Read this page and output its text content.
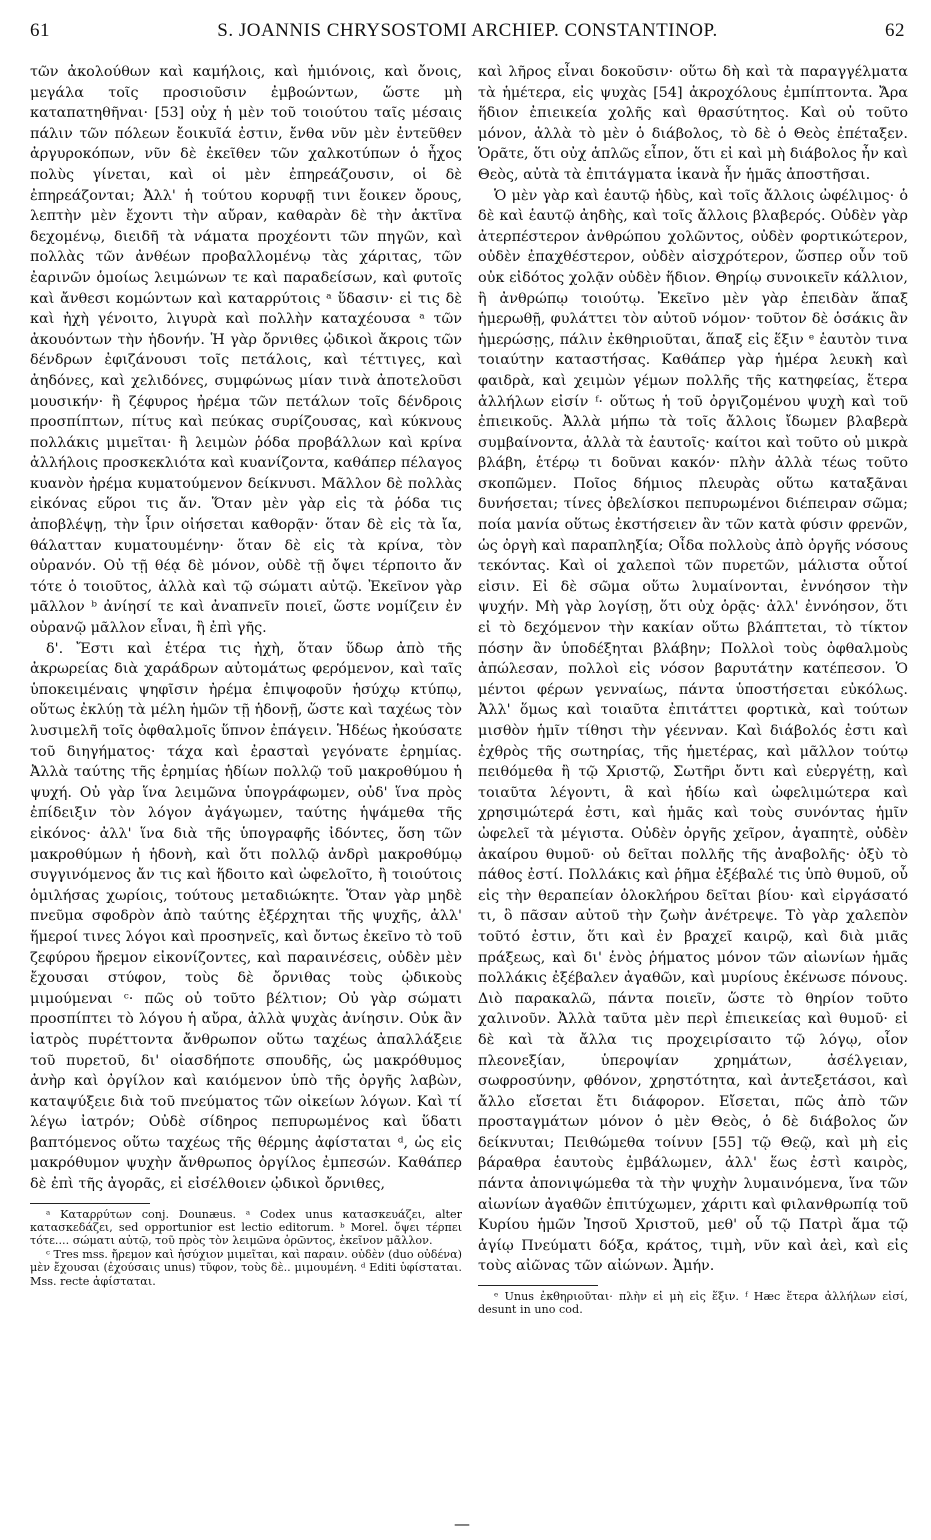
61	S. JOANNIS CHRYSOSTOMI ARCHIEP. CONSTANTINOP.	62

τῶν ἀκολούθων καὶ καμήλοις, καὶ ἡμιόνοις, καὶ ὄνοις, μεγάλα τοῖς προσιοῦσιν ἐμβοώντων, ὥστε μὴ καταπατηθῆναι· [53] οὐχ ἡ μὲν τοῦ τοιούτου ταῖς μέσαις πάλιν τῶν πόλεων ἔοικυῖά ἐστιν, ἔνθα νῦν μὲν ἐντεῦθεν ἀργυροκόπων, νῦν δὲ ἐκεῖθεν τῶν χαλκοτύπων ὁ ἦχος πολὺς γίνεται, καὶ οἱ μὲν ἐπηρεάζουσιν, οἱ δὲ ἐπηρεάζονται; Ἀλλ' ἡ τούτου κορυφῇ τινι ἔοικεν ὄρους, λεπτὴν μὲν ἔχοντι τὴν αὔραν, καθαρὰν δὲ τὴν ἀκτῖνα δεχομένῳ, διειδῆ τὰ νάματα προχέοντι τῶν πηγῶν, καὶ πολλὰς τῶν ἀνθέων προβαλλομένῳ τὰς χάριτας, τῶν ἐαρινῶν ὁμοίως λειμώνων τε καὶ παραδείσων, καὶ φυτοῖς καὶ ἄνθεσι κομώντων καὶ καταρρύτοις ᵃ ὕδασιν· εἰ τις δὲ καὶ ἠχὴ γένοιτο, λιγυρὰ καὶ πολλὴν καταχέουσα ᵃ τῶν ἀκουόντων τὴν ἡδονήν. Ἡ γὰρ ὄρνιθες ᾠδικοὶ ἄκροις τῶν δένδρων ἐφιζάνουσι τοῖς πετάλοις, καὶ τέττιγες, καὶ ἀηδόνες, καὶ χελιδόνες, συμφώνως μίαν τινὰ ἀποτελοῦσι μουσικήν· ἢ ζέφυρος ἠρέμα τῶν πετάλων τοῖς δένδροις προσπίπτων, πίτυς καὶ πεύκας συρίζουσας, καὶ κύκνους πολλάκις μιμεῖται· ἢ λειμὼν ῥόδα προβάλλων καὶ κρίνα ἀλλήλοις προσκεκλιότα καὶ κυανίζοντα, καθάπερ πέλαγος κυανὸν ἠρέμα κυματούμενον δείκνυσι. Μᾶλλον δὲ πολλὰς εἰκόνας εὕροι τις ἄν. Ὅταν μὲν γὰρ εἰς τὰ ῥόδα τις ἀποβλέψῃ, τὴν ἶριν οἰήσεται καθορᾷν· ὅταν δὲ εἰς τὰ ἴα, θάλατταν κυματουμένην· ὅταν δὲ εἰς τὰ κρίνα, τὸν οὐρανόν. Οὐ τῇ θέᾳ δὲ μόνον, οὐδὲ τῇ ὄψει τέρποιτο ἄν τότε ὁ τοιοῦτος, ἀλλὰ καὶ τῷ σώματι αὐτῷ. Ἐκεῖνον γὰρ μᾶλλον ᵇ ἀνίησί τε καὶ ἀναπνεῖν ποιεῖ, ὥστε νομίζειν ἐν οὐρανῷ μᾶλλον εἶναι, ἢ ἐπὶ γῆς.

δ'. Ἔστι καὶ ἑτέρα τις ἠχὴ, ὅταν ὕδωρ ἀπὸ τῆς ἀκρωρείας διὰ χαράδρων αὐτομάτως φερόμενον, καὶ ταῖς ὑποκειμέναις ψηφῖσιν ἠρέμα ἐπιψοφοῦν ἡσύχῳ κτύπῳ, οὕτως ἐκλύῃ τὰ μέλη ἡμῶν τῇ ἡδονῇ, ὥστε καὶ ταχέως τὸν λυσιμελῆ τοῖς ὀφθαλμοῖς ὕπνον ἐπάγειν. Ἡδέως ἠκούσατε τοῦ διηγήματος· τάχα καὶ ἐρασταὶ γεγόνατε ἐρημίας. Ἀλλὰ ταύτης τῆς ἐρημίας ἡδίων πολλῷ τοῦ μακροθύμου ἡ ψυχή. Οὐ γὰρ ἵνα λειμῶνα ὑπογράφωμεν, οὐδ' ἵνα πρὸς ἐπίδειξιν τὸν λόγον ἀγάγωμεν, ταύτης ἡψάμεθα τῆς εἰκόνος· ἀλλ' ἵνα διὰ τῆς ὑπογραφῆς ἰδόντες, ὅση τῶν μακροθύμων ἡ ἡδονὴ, καὶ ὅτι πολλῷ ἀνδρὶ μακροθύμῳ συγγινόμενος ἄν τις καὶ ἥδοιτο καὶ ὠφελοῖτο, ἢ τοιούτοις ὁμιλήσας χωρίοις, τούτους μεταδιώκητε. Ὅταν γὰρ μηδὲ πνεῦμα σφοδρὸν ἀπὸ ταύτης ἐξέρχηται τῆς ψυχῆς, ἀλλ' ἥμεροί τινες λόγοι καὶ προσηνεῖς, καὶ ὄντως ἐκεῖνο τὸ τοῦ ζεφύρου ἤρεμον εἰκονίζοντες, καὶ παραινέσεις, οὐδὲν μὲν ἔχουσαι στύφον, τοὺς δὲ ὄρνιθας τοὺς ᾠδικοὺς μιμούμεναι ᶜ· πῶς οὐ τοῦτο βέλτιον; Οὐ γὰρ σώματι προσπίπτει τὸ λόγου ἡ αὔρα, ἀλλὰ ψυχὰς ἀνίησιν. Οὐκ ἂν ἰατρὸς πυρέττοντα ἄνθρωπον οὕτω ταχέως ἀπαλλάξειε τοῦ πυρετοῦ, δι' οἱασδήποτε σπουδῆς, ὡς μακρόθυμος ἀνὴρ καὶ ὀργίλον καὶ καιόμενον ὑπὸ τῆς ὀργῆς λαβὼν, καταψύξειε διὰ τοῦ πνεύματος τῶν οἰκείων λόγων. Καὶ τί λέγω ἰατρόν; Οὐδὲ σίδηρος πεπυρωμένος καὶ ὕδατι βαπτόμενος οὕτω ταχέως τῆς θέρμης ἀφίσταται ᵈ, ὡς εἰς μακρόθυμον ψυχὴν ἄνθρωπος ὀργίλος ἐμπεσών. Καθάπερ δὲ ἐπὶ τῆς ἀγορᾶς, εἰ εἰσέλθοιεν ᾠδικοὶ ὄρνιθες,

ᵃ Καταρρύτων conj. Dounæus. ᵃ Codex unus κατασκευάζει, alter κατασκεδάζει, sed opportunior est lectio editorum. ᵇ Morel. ὄψει τέρπει τότε.... σώματι αὐτῷ, τοῦ πρὸς τὸν λειμῶνα ὁρῶντος, ἐκεῖνον μᾶλλον.

ᶜ Tres mss. ἤρεμον καὶ ἡσύχιον μιμεῖται, καὶ παραιν. οὐδὲν (duo οὐδένα) μὲν ἔχουσαι (ἐχούσαις unus) τῦφον, τοὺς δὲ.. μιμουμένη. ᵈ Editi ὑφίσταται. Mss. recte ἀφίσταται.

καὶ λῆρος εἶναι δοκοῦσιν· οὕτω δὴ καὶ τὰ παραγγέλματα τὰ ἡμέτερα, εἰς ψυχὰς [54] ἀκροχόλους ἐμπίπτοντα. Ἄρα ἥδιον ἐπιεικεία χολῆς καὶ θρασύτητος. Καὶ οὐ τοῦτο μόνον, ἀλλὰ τὸ μὲν ὁ διάβολος, τὸ δὲ ὁ Θεὸς ἐπέταξεν. Ὁρᾶτε, ὅτι οὐχ ἁπλῶς εἶπον, ὅτι εἰ καὶ μὴ διάβολος ἦν καὶ Θεὸς, αὐτὰ τὰ ἐπιτάγματα ἱκανὰ ἦν ἡμᾶς ἀποστῆσαι.

Ὁ μὲν γὰρ καὶ ἑαυτῷ ἡδὺς, καὶ τοῖς ἄλλοις ὠφέλιμος· ὁ δὲ καὶ ἑαυτῷ ἀηδὴς, καὶ τοῖς ἄλλοις βλαβερός. Οὐδὲν γὰρ ἀτερπέστερον ἀνθρώπου χολῶντος, οὐδὲν φορτικώτερον, οὐδὲν ἐπαχθέστερον, οὐδὲν αἰσχρότερον, ὥσπερ οὖν τοῦ οὐκ εἰδότος χολᾷν οὐδὲν ἥδιον. Θηρίῳ συνοικεῖν κάλλιον, ἢ ἀνθρώπῳ τοιούτῳ. Ἐκεῖνο μὲν γὰρ ἐπειδὰν ἅπαξ ἡμερωθῇ, φυλάττει τὸν αὐτοῦ νόμον· τοῦτον δὲ ὁσάκις ἂν ἡμερώσῃς, πάλιν ἐκθηριοῦται, ἅπαξ εἰς ἕξιν ᵉ ἑαυτὸν τινα τοιαύτην καταστήσας. Καθάπερ γὰρ ἡμέρα λευκὴ καὶ φαιδρὰ, καὶ χειμὼν γέμων πολλῆς τῆς κατηφείας, ἕτερα ἀλλήλων εἰσίν ᶠ· οὕτως ἡ τοῦ ὀργιζομένου ψυχὴ καὶ τοῦ ἐπιεικοῦς. Ἀλλὰ μήπω τὰ τοῖς ἄλλοις ἴδωμεν βλαβερὰ συμβαίνοντα, ἀλλὰ τὰ ἑαυτοῖς· καίτοι καὶ τοῦτο οὐ μικρὰ βλάβη, ἑτέρῳ τι δοῦναι κακόν· πλὴν ἀλλὰ τέως τοῦτο σκοπῶμεν. Ποῖος δήμιος πλευρὰς οὕτω καταξᾶναι δυνήσεται; τίνες ὀβελίσκοι πεπυρωμένοι διέπειραν σῶμα; ποία μανία οὕτως ἐκστήσειεν ἂν τῶν κατὰ φύσιν φρενῶν, ὡς ὀργὴ καὶ παραπληξία; Οἶδα πολλοὺς ἀπὸ ὀργῆς νόσους τεκόντας. Καὶ οἱ χαλεποὶ τῶν πυρετῶν, μάλιστα οὗτοί εἰσιν. Εἰ δὲ σῶμα οὕτω λυμαίνονται, ἐννόησον τὴν ψυχήν. Μὴ γὰρ λογίσῃ, ὅτι οὐχ ὁρᾷς· ἀλλ' ἐννόησον, ὅτι εἰ τὸ δεχόμενον τὴν κακίαν οὕτω βλάπτεται, τὸ τίκτον πόσην ἂν ὑποδέξηται βλάβην; Πολλοὶ τοὺς ὀφθαλμοὺς ἀπώλεσαν, πολλοὶ εἰς νόσον βαρυτάτην κατέπεσον. Ὁ μέντοι φέρων γενναίως, πάντα ὑποστήσεται εὐκόλως. Ἀλλ' ὅμως καὶ τοιαῦτα ἐπιτάττει φορτικὰ, καὶ τούτων μισθὸν ἡμῖν τίθησι τὴν γέενναν. Καὶ διάβολός ἐστι καὶ ἐχθρὸς τῆς σωτηρίας, τῆς ἡμετέρας, καὶ μᾶλλον τούτῳ πειθόμεθα ἢ τῷ Χριστῷ, Σωτῆρι ὄντι καὶ εὐεργέτῃ, καὶ τοιαῦτα λέγοντι, ἃ καὶ ἡδίω καὶ ὠφελιμώτερα καὶ χρησιμώτερά ἐστι, καὶ ἡμᾶς καὶ τοὺς συνόντας ἡμῖν ὠφελεῖ τὰ μέγιστα. Οὐδὲν ὀργῆς χεῖρον, ἀγαπητὲ, οὐδὲν ἀκαίρου θυμοῦ· οὐ δεῖται πολλῆς τῆς ἀναβολῆς· ὀξὺ τὸ πάθος ἐστί. Πολλάκις καὶ ῥῆμα ἐξέβαλέ τις ὑπὸ θυμοῦ, οὗ εἰς τὴν θεραπείαν ὁλοκλήρου δεῖται βίου· καὶ εἰργάσατό τι, ὃ πᾶσαν αὐτοῦ τὴν ζωὴν ἀνέτρεψε. Τὸ γὰρ χαλεπὸν τοῦτό ἐστιν, ὅτι καὶ ἐν βραχεῖ καιρῷ, καὶ διὰ μιᾶς πράξεως, καὶ δι' ἑνὸς ῥήματος μόνον τῶν αἰωνίων ἡμᾶς πολλάκις ἐξέβαλεν ἀγαθῶν, καὶ μυρίους ἐκένωσε πόνους. Διὸ παρακαλῶ, πάντα ποιεῖν, ὥστε τὸ θηρίον τοῦτο χαλινοῦν. Ἀλλὰ ταῦτα μὲν περὶ ἐπιεικείας καὶ θυμοῦ· εἰ δὲ καὶ τὰ ἄλλα τις προχειρίσαιτο τῷ λόγῳ, οἷον πλεονεξίαν, ὑπεροψίαν χρημάτων, ἀσέλγειαν, σωφροσύνην, φθόνον, χρηστότητα, καὶ ἀντεξετάσοι, καὶ ἄλλο εἴσεται ἔτι διάφορον. Εἴσεται, πῶς ἀπὸ τῶν προσταγμάτων μόνον ὁ μὲν Θεὸς, ὁ δὲ διάβολος ὤν δείκνυται; Πειθώμεθα τοίνυν [55] τῷ Θεῷ, καὶ μὴ εἰς βάραθρα ἑαυτοὺς ἐμβάλωμεν, ἀλλ' ἕως ἐστὶ καιρὸς, πάντα ἀπονιψώμεθα τὰ τὴν ψυχὴν λυμαινόμενα, ἵνα τῶν αἰωνίων ἀγαθῶν ἐπιτύχωμεν, χάριτι καὶ φιλανθρωπίᾳ τοῦ Κυρίου ἡμῶν Ἰησοῦ Χριστοῦ, μεθ' οὗ τῷ Πατρὶ ἅμα τῷ ἁγίῳ Πνεύματι δόξα, κράτος, τιμὴ, νῦν καὶ ἀεὶ, καὶ εἰς τοὺς αἰῶνας τῶν αἰώνων. Ἀμήν.

ᵉ Unus ἐκθηριοῦται· πλὴν εἰ μὴ εἰς ἕξιν. ᶠ Hæc ἕτερα ἀλλήλων εἰσί, desunt in uno cod.

—
